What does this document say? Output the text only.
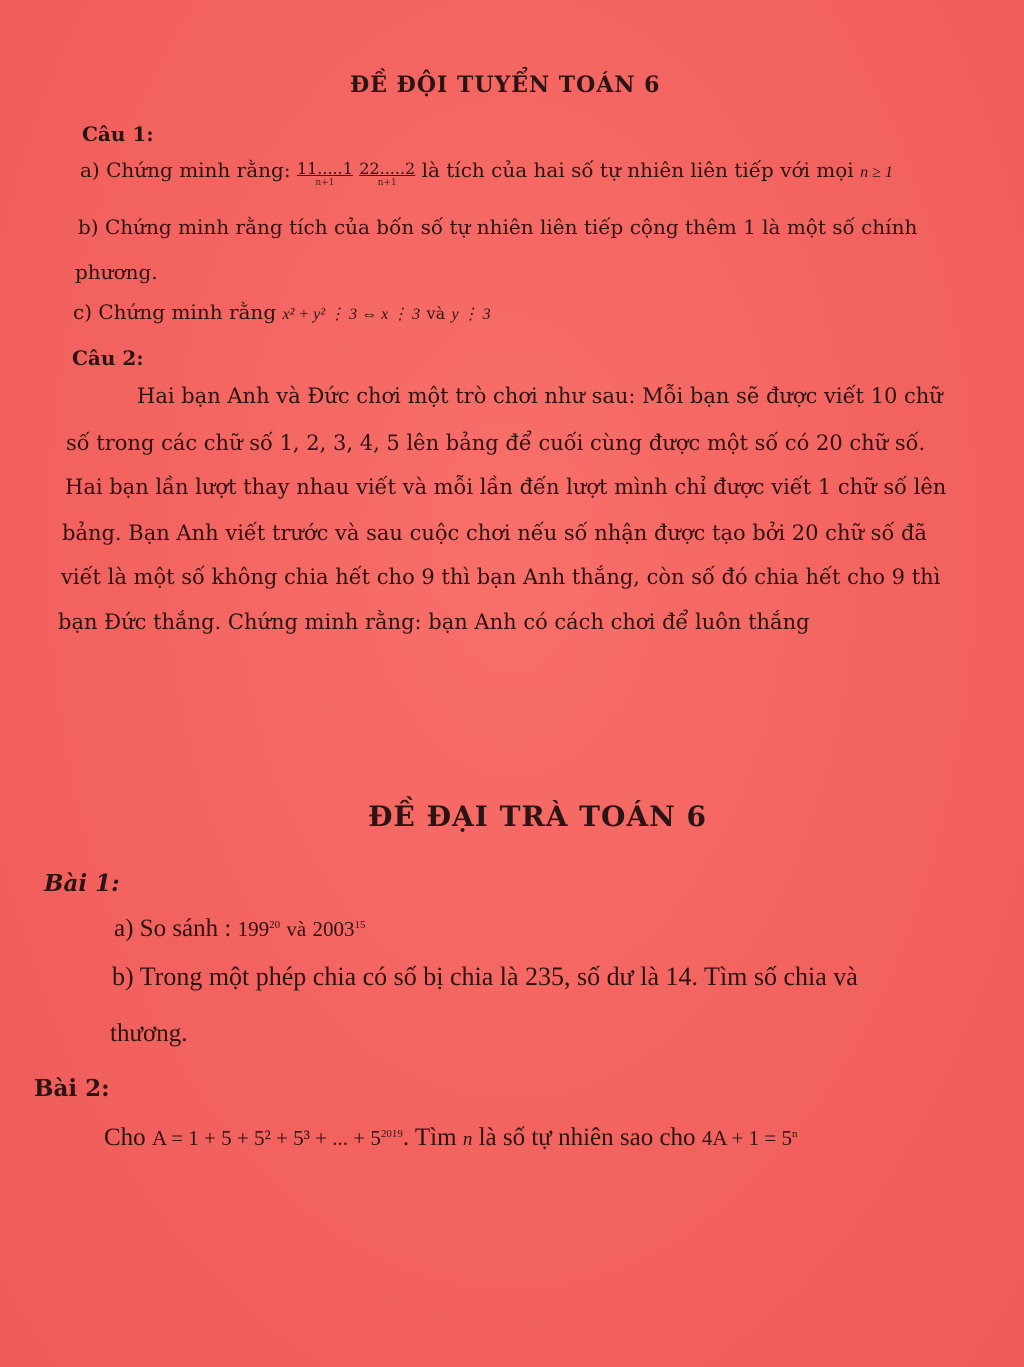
ĐỀ ĐỘI TUYỂN TOÁN 6
Câu 1:
a) Chứng minh rằng: 11.....1
n+1
22.....2
n+1
là tích của hai số tự nhiên liên tiếp với mọi n ≥ 1
b) Chứng minh rằng tích của bốn số tự nhiên liên tiếp cộng thêm 1 là một số chính
phương.
c) Chứng minh rằng x² + y² ⋮ 3 ⇔ x ⋮ 3 và y ⋮ 3
Câu 2:
Hai bạn Anh và Đức chơi một trò chơi như sau: Mỗi bạn sẽ được viết 10 chữ
số trong các chữ số 1, 2, 3, 4, 5 lên bảng để cuối cùng được một số có 20 chữ số.
Hai bạn lần lượt thay nhau viết và mỗi lần đến lượt mình chỉ được viết 1 chữ số lên
bảng. Bạn Anh viết trước và sau cuộc chơi nếu số nhận được tạo bởi 20 chữ số đã
viết là một số không chia hết cho 9 thì bạn Anh thắng, còn số đó chia hết cho 9 thì
bạn Đức thắng. Chứng minh rằng: bạn Anh có cách chơi để luôn thắng
ĐỀ ĐẠI TRÀ TOÁN 6
Bài 1:
a) So sánh : $199^{20}$ và 2003$^{15}$
b) Trong một phép chia có số bị chia là 235, số dư là 14. Tìm số chia và
thương.
Bài 2:
Cho A = 1 + 5 + 5² + 5³ + ... + $5^{2019}$. Tìm n là số tự nhiên sao cho $4A + 1 = 5^n$
